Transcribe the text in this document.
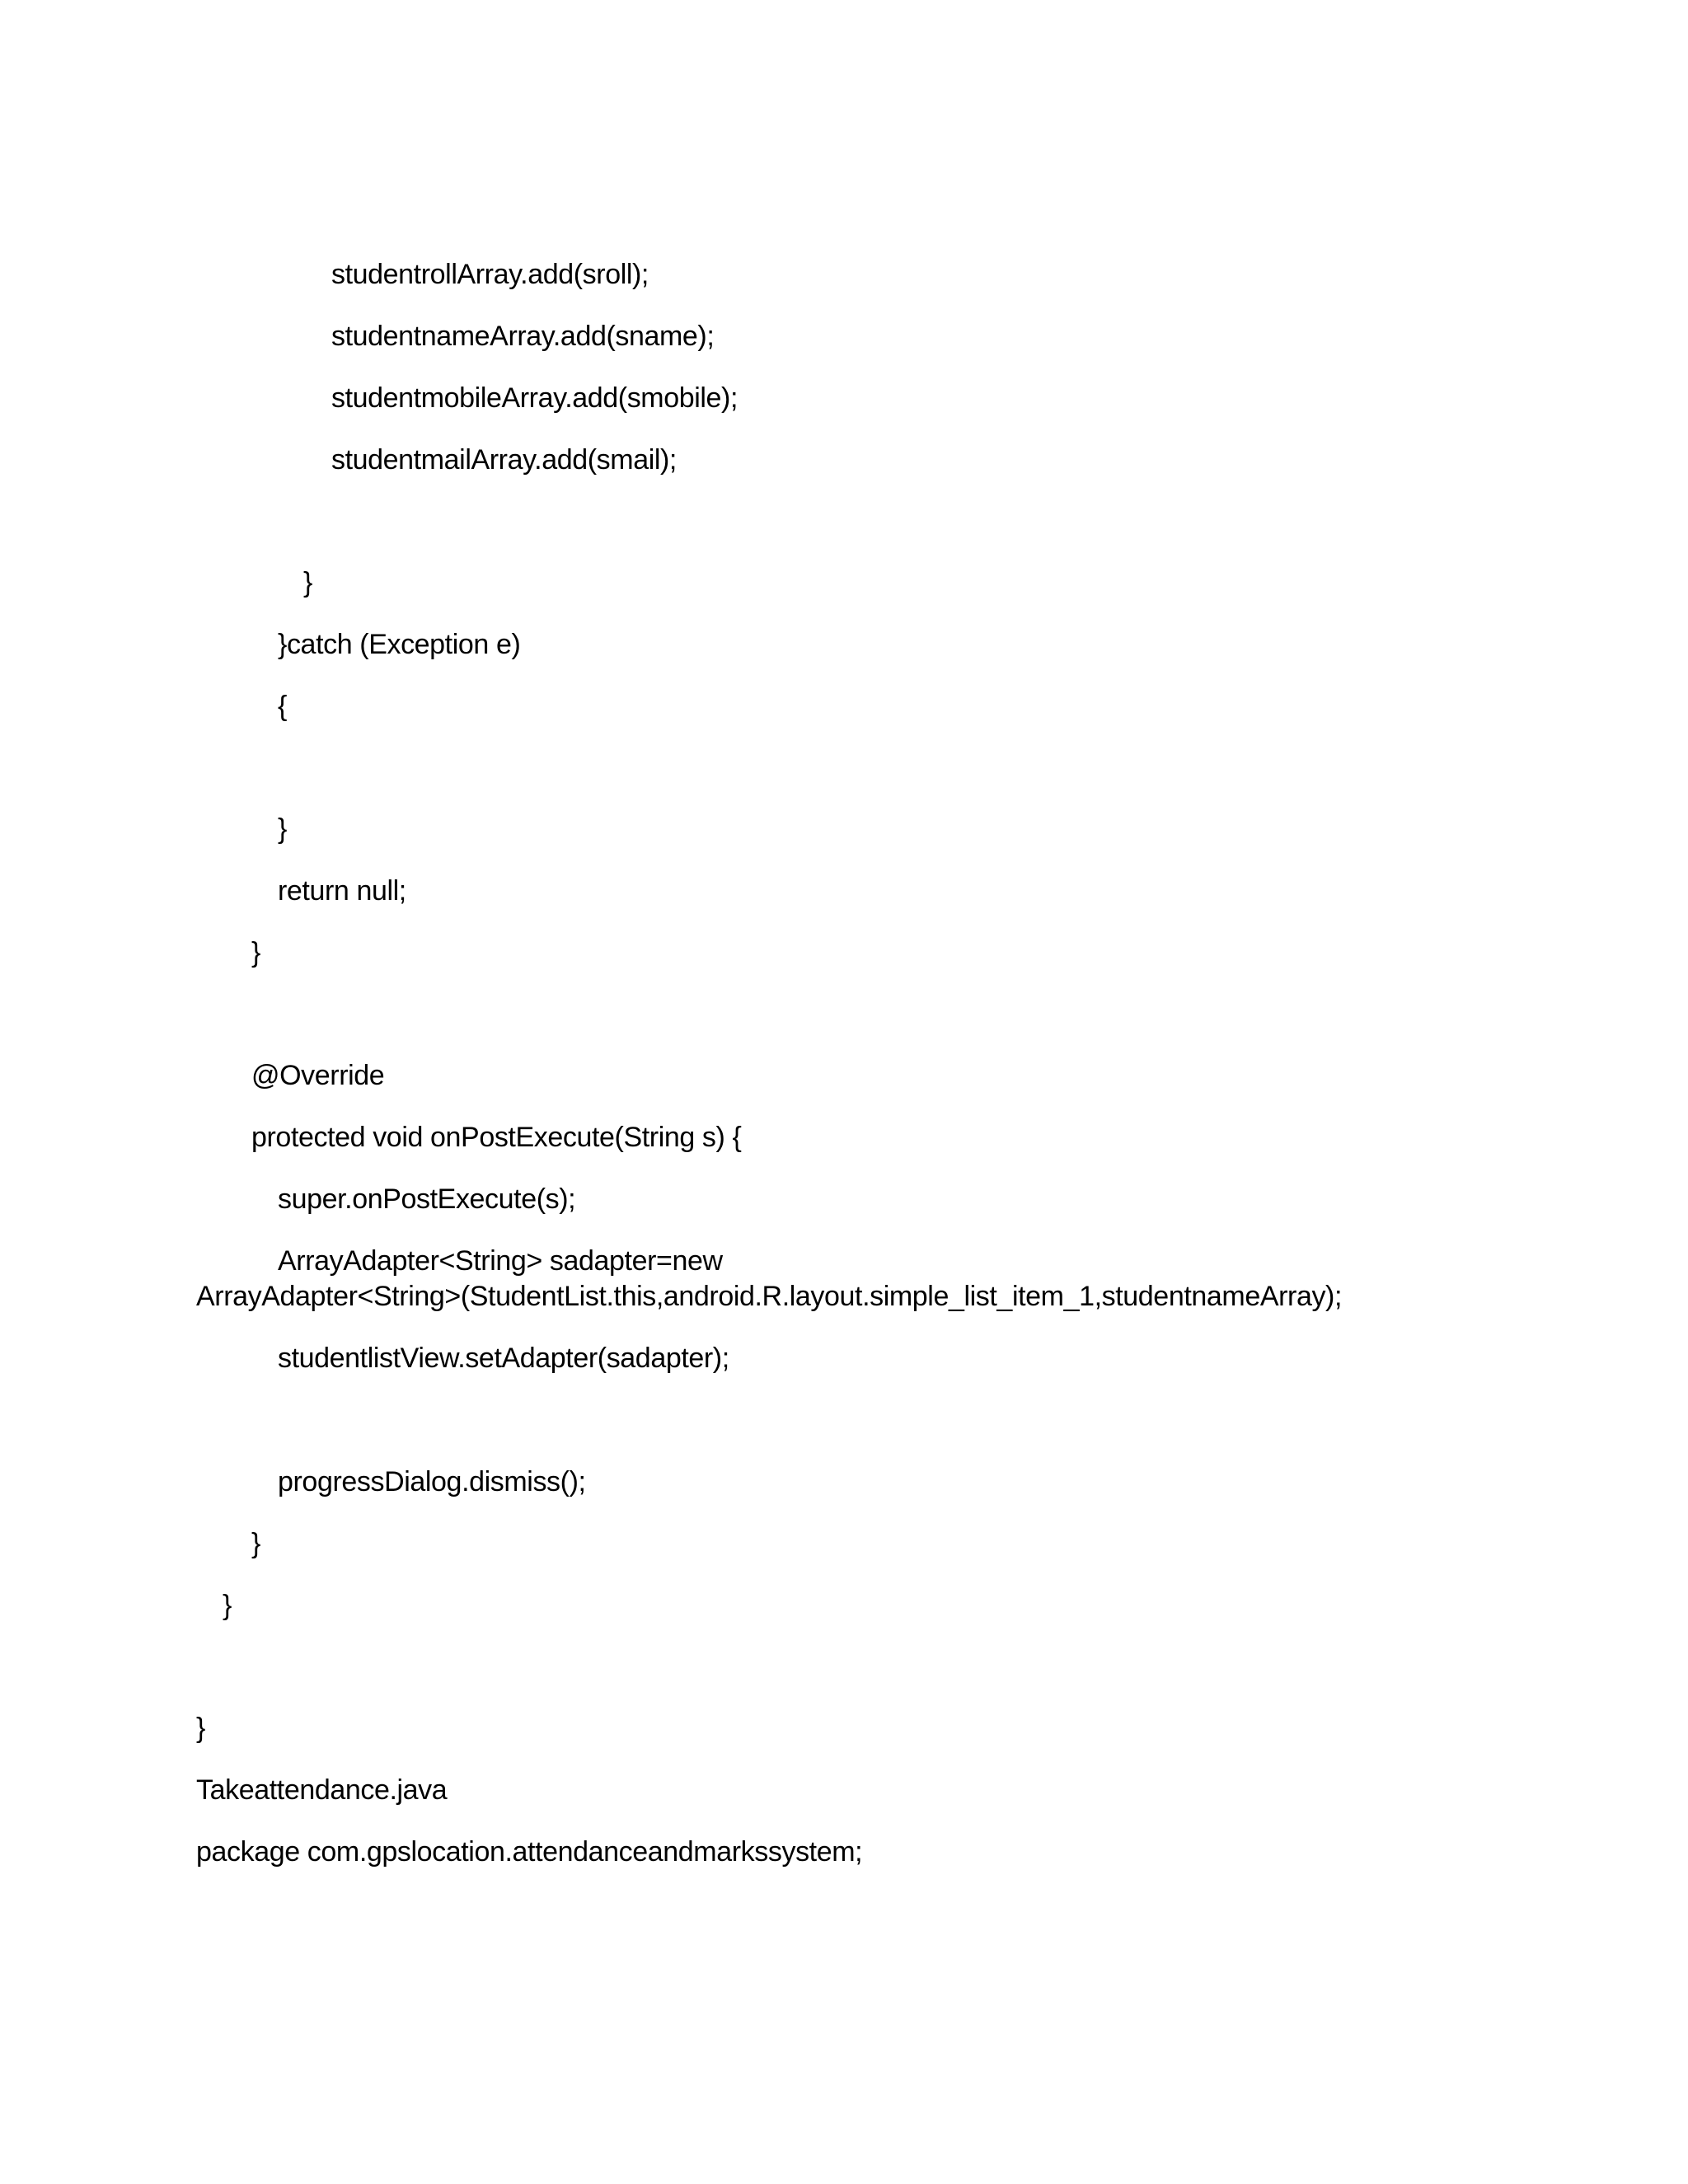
studentrollArray.add(sroll);
studentnameArray.add(sname);
studentmobileArray.add(smobile);
studentmailArray.add(smail);
}
}catch (Exception e)
{
}
return null;
}
@Override
protected void onPostExecute(String s) {
super.onPostExecute(s);
ArrayAdapter<String> sadapter=new
ArrayAdapter<String>(StudentList.this,android.R.layout.simple_list_item_1,studentnameArray);
studentlistView.setAdapter(sadapter);
progressDialog.dismiss();
}
}
}
Takeattendance.java
package com.gpslocation.attendanceandmarkssystem;
